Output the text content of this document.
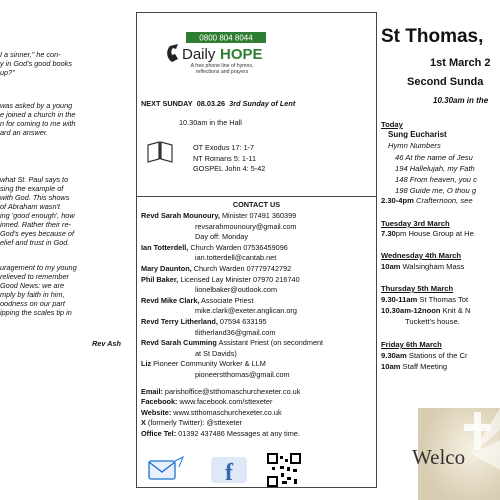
I a sinner," he con-
y in God's good books
up?"
was asked by a young
e joined a church in the
n for coming to me with
ard an answer.
what St. Paul says to
sing the example of
with God. This shows
of Abraham wasn't
ing 'good enough', how
inned. Rather their re-
God's eyes because of
elief and trust in God.
uragement to my young
relieved to remember
Good News: we are
mply by faith in him,
oodness on our part
ipping the scales tip in
Rev Ash
0800 804 8044
Daily HOPE
A free phone line of hymns,
reflections and prayers
NEXT SUNDAY 08.03.26 3rd Sunday of Lent
10.30am in the Hall
OT Exodus 17: 1-7
NT Romans 5: 1-11
GOSPEL John 4: 5-42
CONTACT US
f
Revd Sarah Mounoury, Minister 07491 360399
revsarahmounoury@gmail.com
Day off: Monday
Ian Totterdell, Church Warden 07536459096
ian.totterdell@cantab.net
Mary Daunton, Church Warden 07779742792
Phil Baker, Licensed Lay Minister 07970 216740
lionelbaker@outlook.com
Revd Mike Clark, Associate Priest
mike.clark@exeter.anglican.org
Revd Terry Litherland, 07594 633195
tlitherland36@gmail.com
Revd Sarah Cumming Assistant Priest (on secondment
at St Davids)
Liz Pioneer Community Worker & LLM
pioneerstthomas@gmail.com
Email: parishoffice@stthomaschurchexeter.co.uk
Facebook: www.facebook.com/sttexeter
Website: www.stthomaschurchexeter.co.uk
X (formerly Twitter): @sttexeter
Office Tel: 01392 437486 Messages at any time.
St Thomas,
1st March 2
Second Sunda
10.30am in the
Today
Sung Eucharist
Hymn Numbers
46 At the name of Jesu
194 Hallelujah, my Fath
148 From heaven, you c
198 Guide me, O thou g
2.30-4pm Crafternoon, see
Tuesday 3rd March
7.30pm House Group at He
Wednesday 4th March
10am Walsingham Mass
Thursday 5th March
9.30-11am St Thomas Tot
10.30am-12noon Knit & N
Tuckett's house.
Friday 6th March
9.30am Stations of the Cr
10am Staff Meeting
Welco
